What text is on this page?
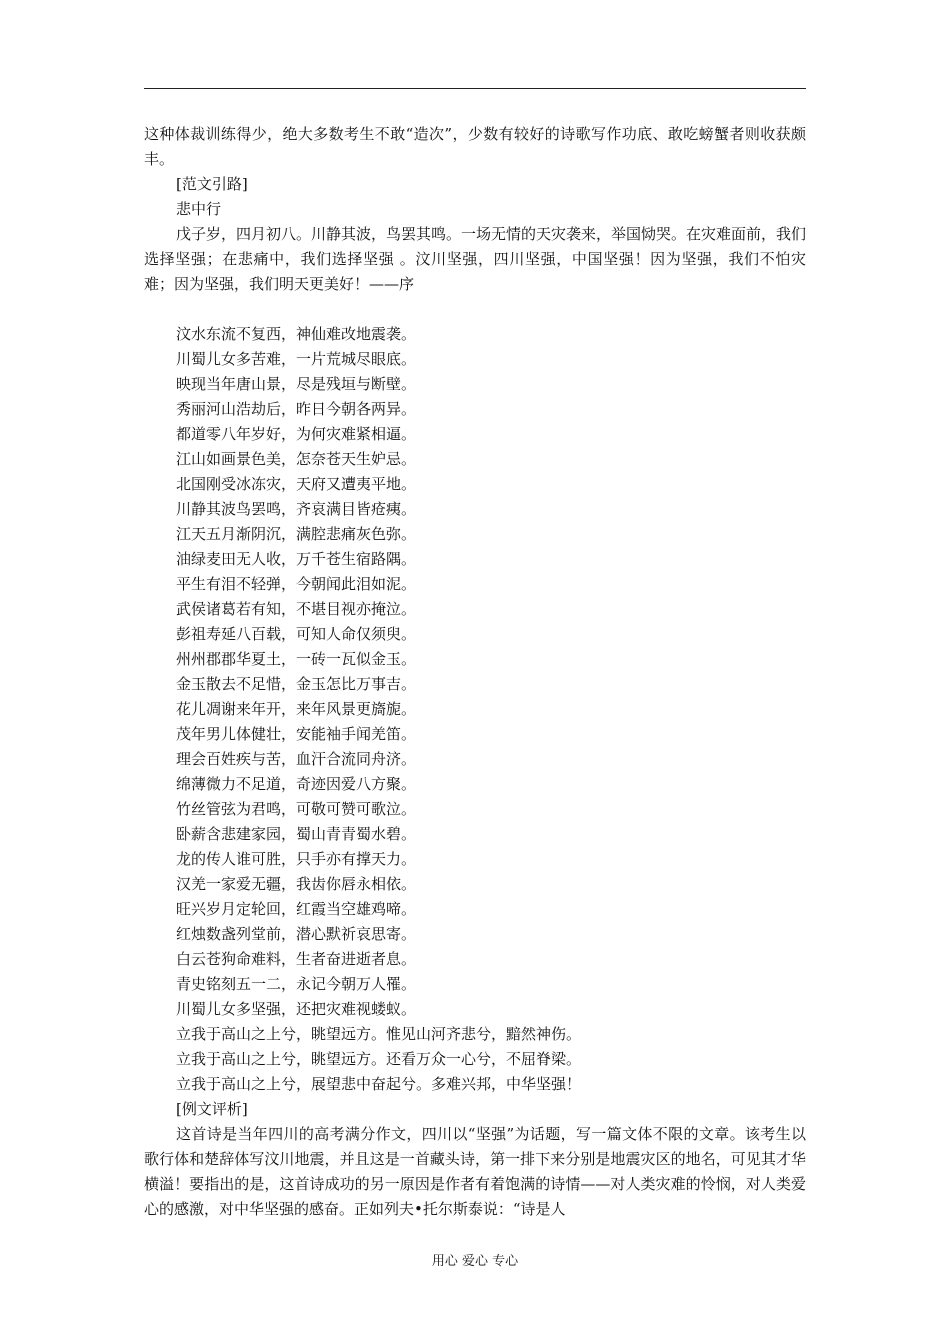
这种体裁训练得少，绝大多数考生不敢“造次”，少数有较好的诗歌写作功底、敢吃螃蟹者则收获颇丰。

[范文引路]

悲中行

戊子岁，四月初八。川静其波，鸟罢其鸣。一场无情的天灾袭来，举国恸哭。在灾难面前，我们选择坚强；在悲痛中，我们选择坚强 。汶川坚强，四川坚强，中国坚强！因为坚强，我们不怕灾难；因为坚强，我们明天更美好！——序

汶水东流不复西，神仙难改地震袭。

川蜀儿女多苦难，一片荒城尽眼底。

映现当年唐山景，尽是残垣与断壁。

秀丽河山浩劫后，昨日今朝各两异。

都道零八年岁好，为何灾难紧相逼。

江山如画景色美，怎奈苍天生妒忌。

北国刚受冰冻灾，天府又遭夷平地。

川静其波鸟罢鸣，齐哀满目皆疮痍。

江天五月渐阴沉，满腔悲痛灰色弥。

油绿麦田无人收，万千苍生宿路隅。

平生有泪不轻弹，今朝闻此泪如泥。

武侯诸葛若有知，不堪目视亦掩泣。

彭祖寿延八百载，可知人命仅须臾。

州州郡郡华夏土，一砖一瓦似金玉。

金玉散去不足惜，金玉怎比万事吉。

花儿凋谢来年开，来年风景更旖旎。

茂年男儿体健壮，安能袖手闻羌笛。

理会百姓疾与苦，血汗合流同舟济。

绵薄微力不足道，奇迹因爱八方聚。

竹丝管弦为君鸣，可敬可赞可歌泣。

卧薪含悲建家园，蜀山青青蜀水碧。

龙的传人谁可胜，只手亦有撑天力。

汉羌一家爱无疆，我齿你唇永相依。

旺兴岁月定轮回，红霞当空雄鸡啼。

红烛数盏列堂前，潜心默祈哀思寄。

白云苍狗命难料，生者奋进逝者息。

青史铭刻五一二，永记今朝万人罹。

川蜀儿女多坚强，还把灾难视蝼蚁。

立我于高山之上兮，眺望远方。惟见山河齐悲兮，黯然神伤。

立我于高山之上兮，眺望远方。还看万众一心兮，不屈脊梁。

立我于高山之上兮，展望悲中奋起兮。多难兴邦，中华坚强！

[例文评析]

这首诗是当年四川的高考满分作文，四川以“坚强”为话题，写一篇文体不限的文章。该考生以歌行体和楚辞体写汶川地震，并且这是一首藏头诗，第一排下来分别是地震灾区的地名，可见其才华横溢！要指出的是，这首诗成功的另一原因是作者有着饱满的诗情——对人类灾难的怜悯，对人类爱心的感激，对中华坚强的感奋。正如列夫•托尔斯泰说：“诗是人

用心 爱心 专心
